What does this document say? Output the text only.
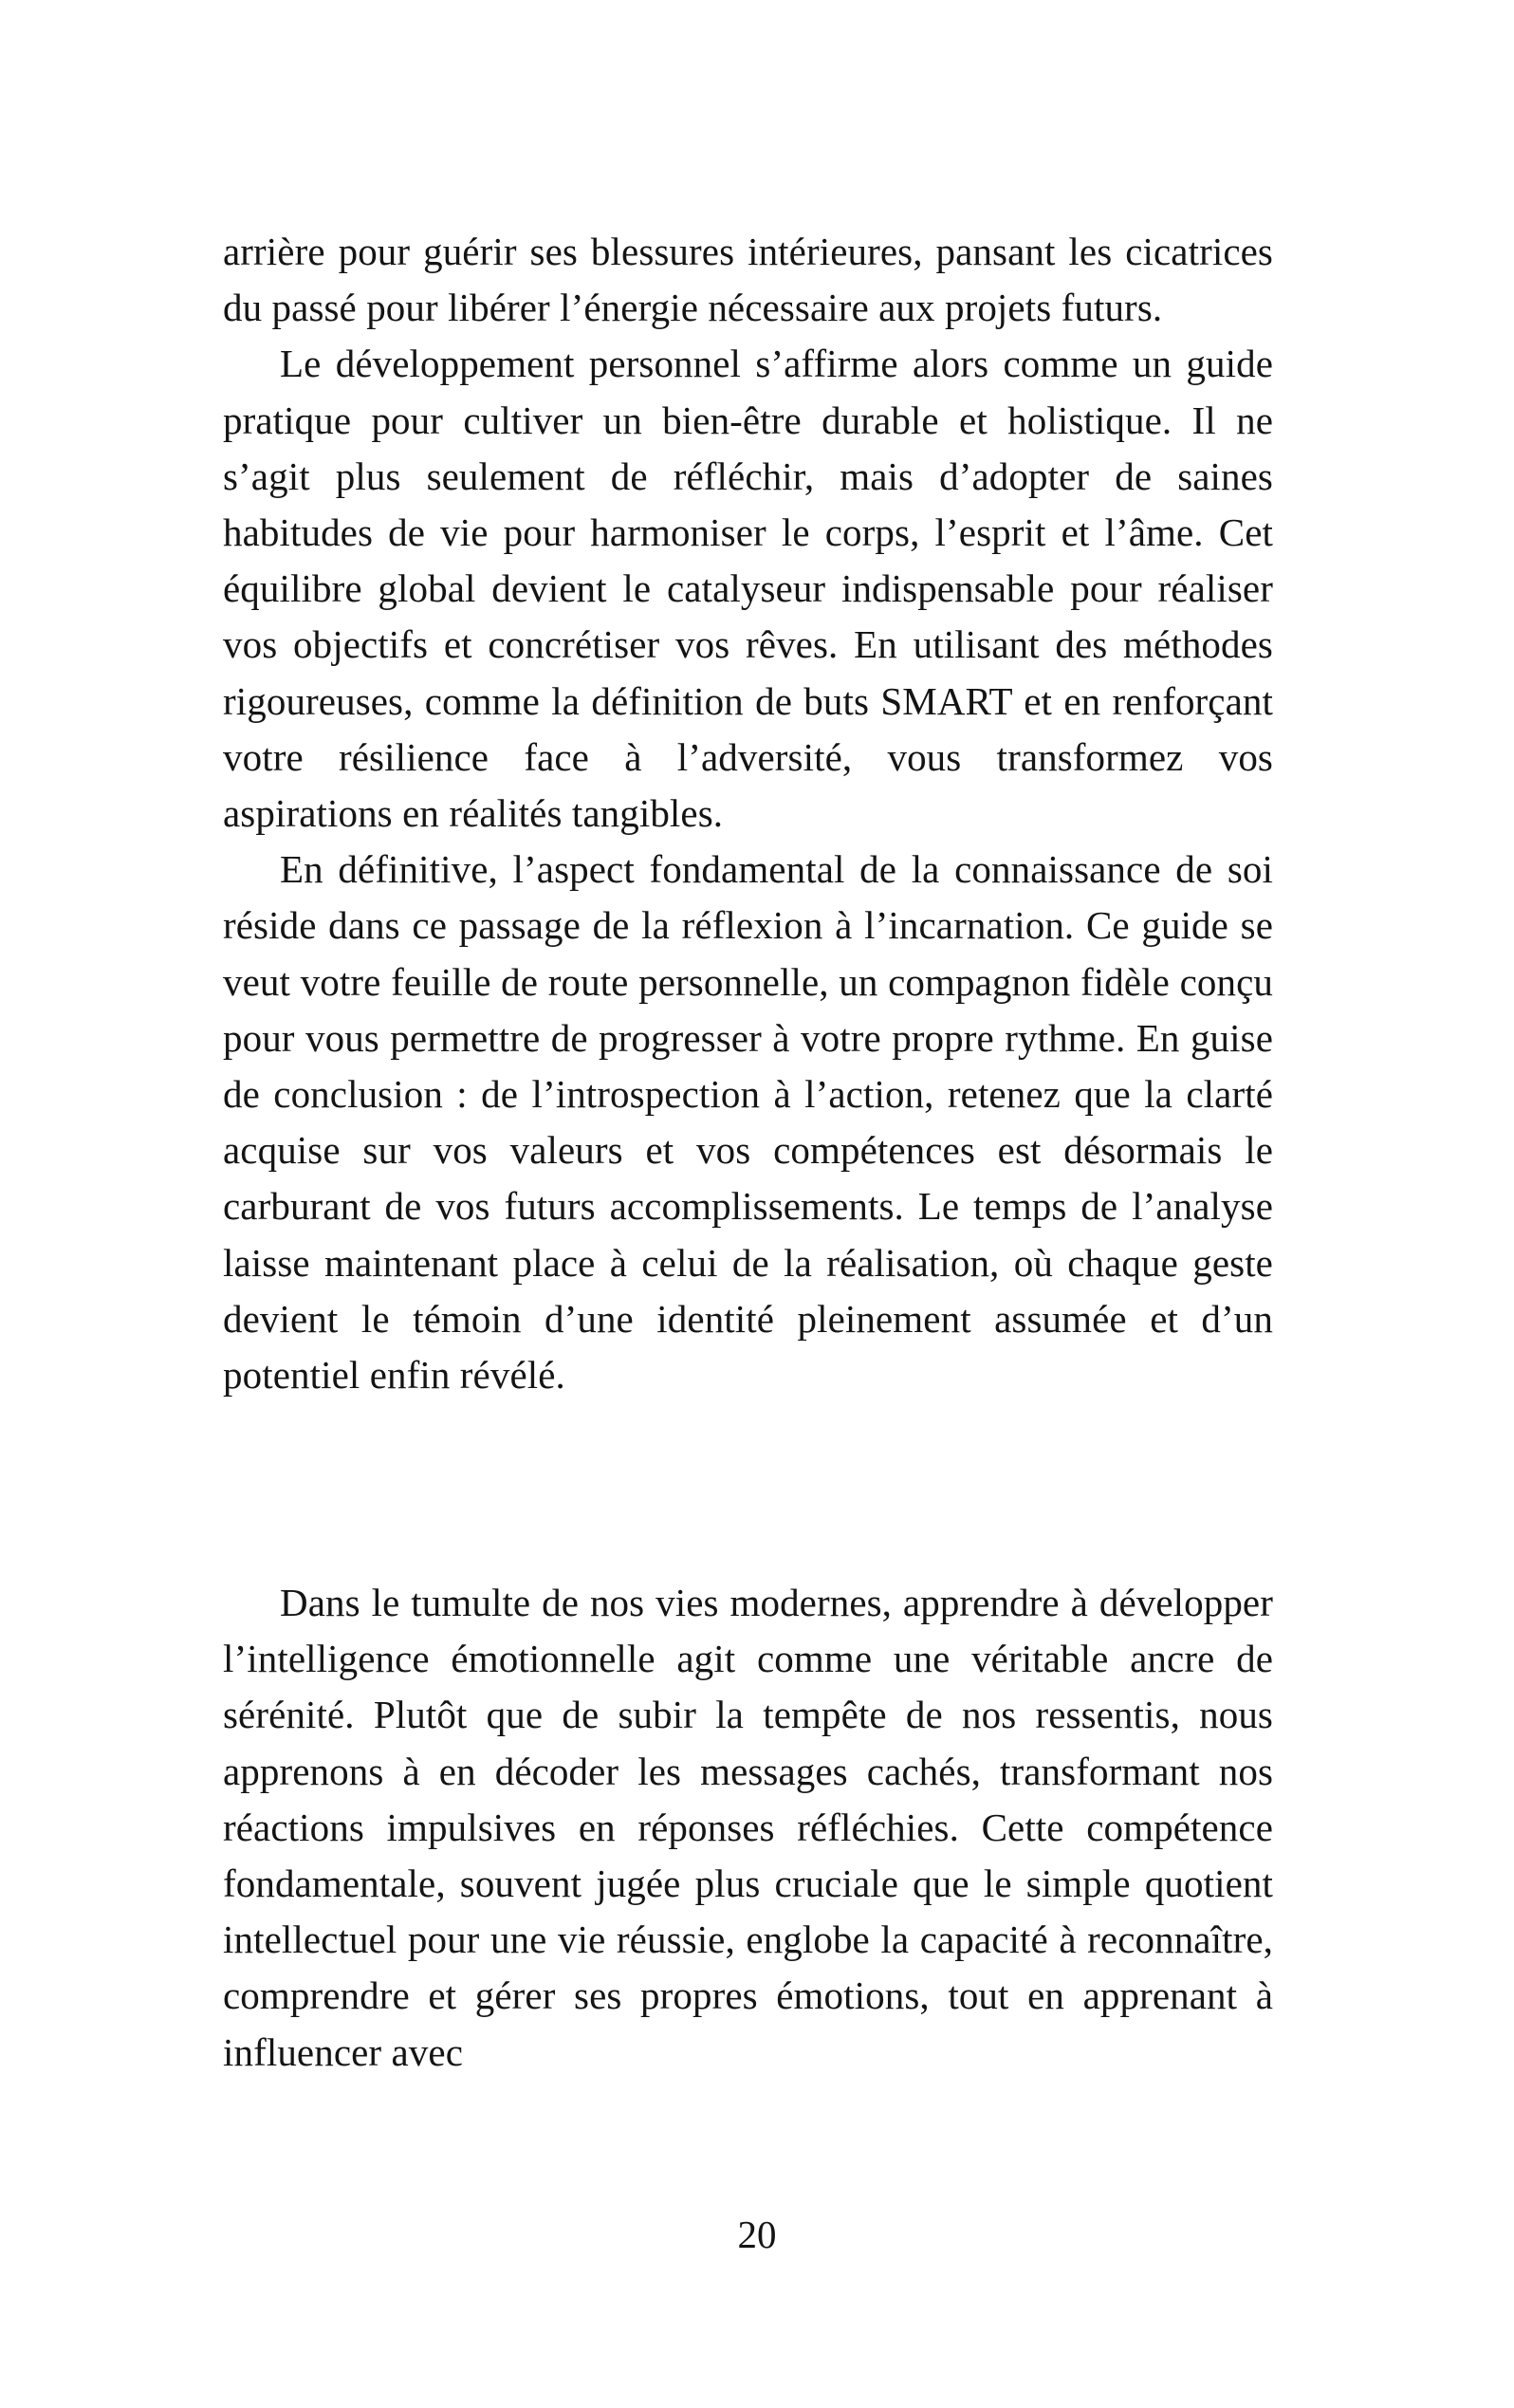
arrière pour guérir ses blessures intérieures, pansant les cicatrices du passé pour libérer l’énergie nécessaire aux projets futurs.

Le développement personnel s’affirme alors comme un guide pratique pour cultiver un bien-être durable et holistique. Il ne s’agit plus seulement de réfléchir, mais d’adopter de saines habitudes de vie pour harmoniser le corps, l’esprit et l’âme. Cet équilibre global devient le catalyseur indispensable pour réaliser vos objectifs et concrétiser vos rêves. En utilisant des méthodes rigoureuses, comme la définition de buts SMART et en renforçant votre résilience face à l’adversité, vous transformez vos aspirations en réalités tangibles.

En définitive, l’aspect fondamental de la connaissance de soi réside dans ce passage de la réflexion à l’incarnation. Ce guide se veut votre feuille de route personnelle, un compagnon fidèle conçu pour vous permettre de progresser à votre propre rythme. En guise de conclusion : de l’introspection à l’action, retenez que la clarté acquise sur vos valeurs et vos compétences est désormais le carburant de vos futurs accomplissements. Le temps de l’analyse laisse maintenant place à celui de la réalisation, où chaque geste devient le témoin d’une identité pleinement assumée et d’un potentiel enfin révélé.

Dans le tumulte de nos vies modernes, apprendre à développer l’intelligence émotionnelle agit comme une véritable ancre de sérénité. Plutôt que de subir la tempête de nos ressentis, nous apprenons à en décoder les messages cachés, transformant nos réactions impulsives en réponses réfléchies. Cette compétence fondamentale, souvent jugée plus cruciale que le simple quotient intellectuel pour une vie réussie, englobe la capacité à reconnaître, comprendre et gérer ses propres émotions, tout en apprenant à influencer avec

20
